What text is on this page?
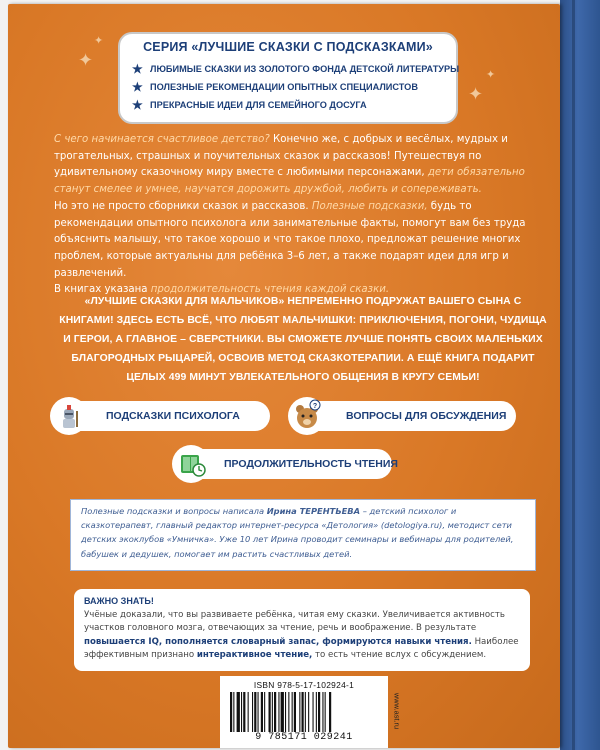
✦
✦
✦
✦
СЕРИЯ «ЛУЧШИЕ СКАЗКИ С ПОДСКАЗКАМИ»
★ ЛЮБИМЫЕ СКАЗКИ ИЗ ЗОЛОТОГО ФОНДА ДЕТСКОЙ ЛИТЕРАТУРЫ
★ ПОЛЕЗНЫЕ РЕКОМЕНДАЦИИ ОПЫТНЫХ СПЕЦИАЛИСТОВ
★ ПРЕКРАСНЫЕ ИДЕИ ДЛЯ СЕМЕЙНОГО ДОСУГА

С чего начинается счастливое детство? Конечно же, с добрых и весёлых, мудрых и трогательных, страшных и поучительных сказок и рассказов! Путешествуя по удивительному сказочному миру вместе с любимыми персонажами, дети обязательно станут смелее и умнее, научатся дорожить дружбой, любить и сопереживать.

Но это не просто сборники сказок и рассказов. Полезные подсказки, будь то рекомендации опытного психолога или занимательные факты, помогут вам без труда объяснить малышу, что такое хорошо и что такое плохо, предложат решение многих проблем, которые актуальны для ребёнка 3–6 лет, а также подарят идеи для игр и развлечений.

В книгах указана продолжительность чтения каждой сказки.

«ЛУЧШИЕ СКАЗКИ ДЛЯ МАЛЬЧИКОВ» НЕПРЕМЕННО ПОДРУЖАТ ВАШЕГО СЫНА С КНИГАМИ! ЗДЕСЬ ЕСТЬ ВСЁ, ЧТО ЛЮБЯТ МАЛЬЧИШКИ: ПРИКЛЮЧЕНИЯ, ПОГОНИ, ЧУДИЩА И ГЕРОИ, А ГЛАВНОЕ – СВЕРСТНИКИ. ВЫ СМОЖЕТЕ ЛУЧШЕ ПОНЯТЬ СВОИХ МАЛЕНЬКИХ БЛАГОРОДНЫХ РЫЦАРЕЙ, ОСВОИВ МЕТОД СКАЗКОТЕРАПИИ. А ЕЩЁ КНИГА ПОДАРИТ ЦЕЛЫХ 499 МИНУТ УВЛЕКАТЕЛЬНОГО ОБЩЕНИЯ В КРУГУ СЕМЬИ!
ПОДСКАЗКИ ПСИХОЛОГА
?
ВОПРОСЫ ДЛЯ ОБСУЖДЕНИЯ
ПРОДОЛЖИТЕЛЬНОСТЬ ЧТЕНИЯ
Полезные подсказки и вопросы написала Ирина ТЕРЕНТЬЕВА – детский психолог и сказкотерапевт, главный редактор интернет-ресурса «Детология» (detologiya.ru), методист сети детских экоклубов «Умничка». Уже 10 лет Ирина проводит семинары и вебинары для родителей, бабушек и дедушек, помогает им растить счастливых детей.
ВАЖНО ЗНАТЬ!
Учёные доказали, что вы развиваете ребёнка, читая ему сказки. Увеличивается активность участков головного мозга, отвечающих за чтение, речь и воображение. В результате повышается IQ, пополняется словарный запас, формируются навыки чтения. Наиболее эффективным признано интерактивное чтение, то есть чтение вслух с обсуждением.
ISBN 978-5-17-102924-1
9 785171 029241
www.ast.ru
